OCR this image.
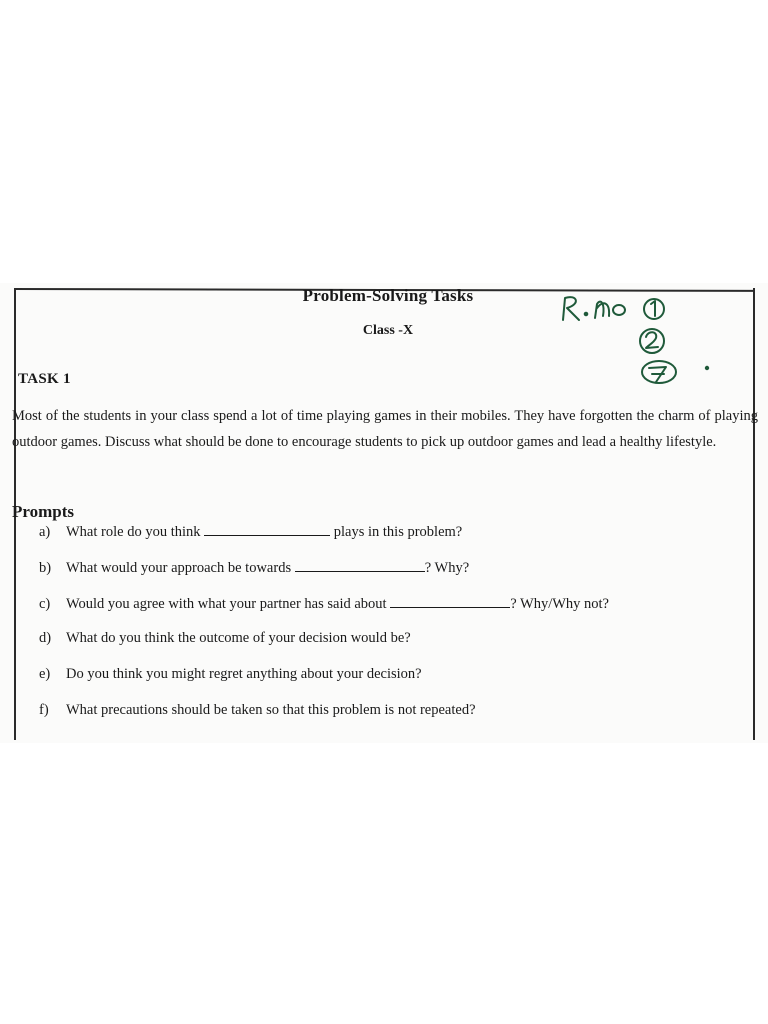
Problem-Solving Tasks
Class -X
TASK 1
Most of the students in your class spend a lot of time playing games in their mobiles. They have forgotten the charm of playing outdoor games. Discuss what should be done to encourage students to pick up outdoor games and lead a healthy lifestyle.
Prompts
a) What role do you think	plays in this problem?
b) What would your approach be towards	? Why?
c) Would you agree with what your partner has said about	? Why/Why not?
d) What do you think the outcome of your decision would be?
e) Do you think you might regret anything about your decision?
f) What precautions should be taken so that this problem is not repeated?
